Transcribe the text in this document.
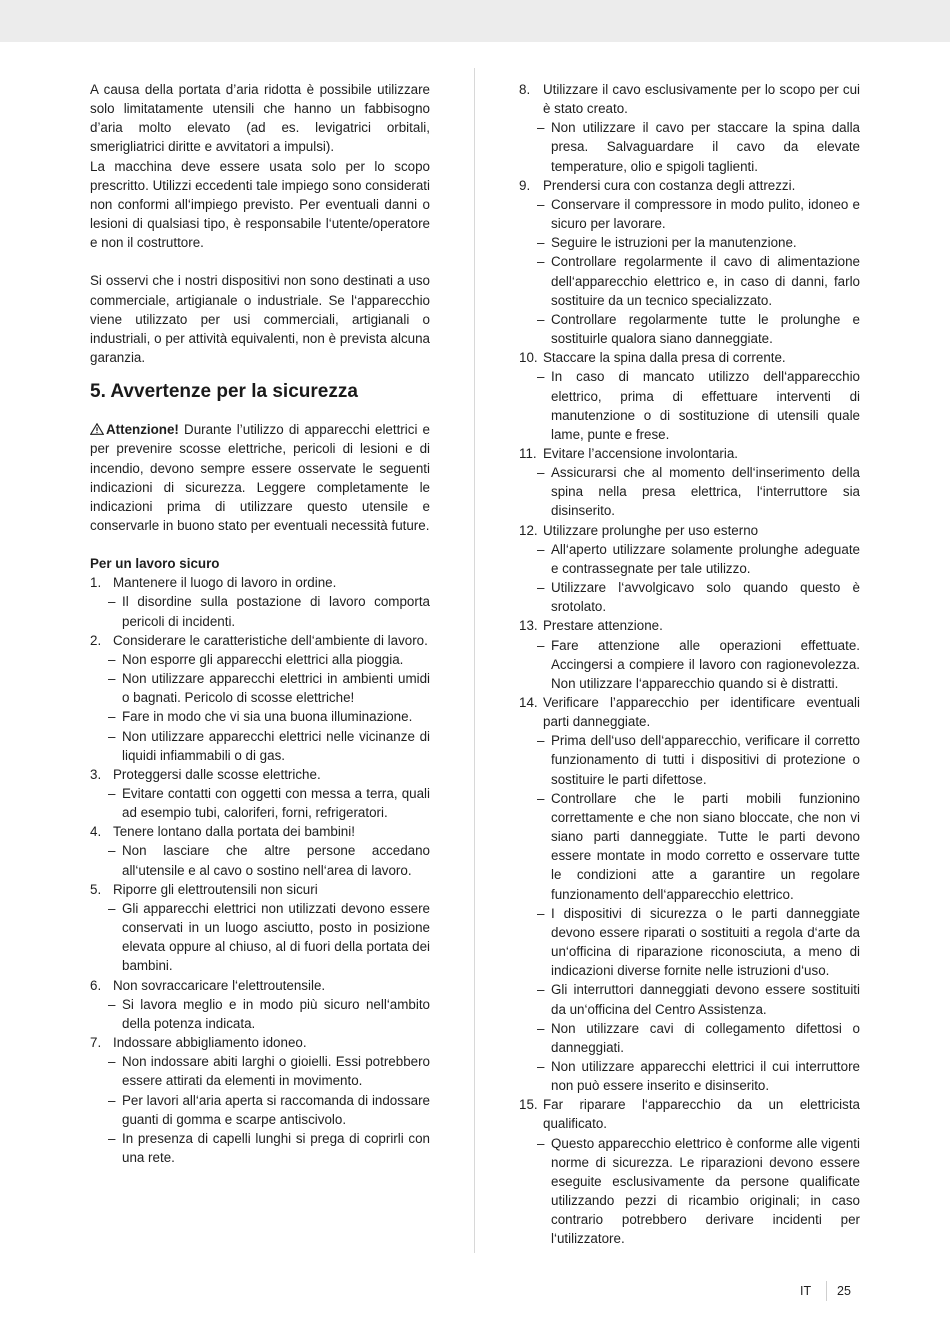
A causa della portata d’aria ridotta è possibile utilizzare solo limitatamente utensili che hanno un fabbisogno d’aria molto elevato (ad es. levigatrici orbitali, smerigliatrici diritte e avvitatori a impulsi).

La macchina deve essere usata solo per lo scopo prescritto. Utilizzi eccedenti tale impiego sono considerati non conformi all‘impiego previsto. Per eventuali danni o lesioni di qualsiasi tipo, è responsabile l‘utente/operatore e non il costruttore.

Si osservi che i nostri dispositivi non sono destinati a uso commerciale, artigianale o industriale. Se l‘apparecchio viene utilizzato per usi commerciali, artigianali o industriali, o per attività equivalenti, non è prevista alcuna garanzia.

5. Avvertenze per la sicurezza

Attenzione! Durante l’utilizzo di apparecchi elettrici e per prevenire scosse elettriche, pericoli di lesioni e di incendio, devono sempre essere osservate le seguenti indicazioni di sicurezza. Leggere completamente le indicazioni prima di utilizzare questo utensile e conservarle in buono stato per eventuali necessità future.

Per un lavoro sicuro

1. Mantenere il luogo di lavoro in ordine.
– Il disordine sulla postazione di lavoro comporta pericoli di incidenti.
2. Considerare le caratteristiche dell‘ambiente di lavoro.
– Non esporre gli apparecchi elettrici alla pioggia.
– Non utilizzare apparecchi elettrici in ambienti umidi o bagnati. Pericolo di scosse elettriche!
– Fare in modo che vi sia una buona illuminazione.
– Non utilizzare apparecchi elettrici nelle vicinanze di liquidi infiammabili o di gas.
3. Proteggersi dalle scosse elettriche.
– Evitare contatti con oggetti con messa a terra, quali ad esempio tubi, caloriferi, forni, refrigeratori.
4. Tenere lontano dalla portata dei bambini!
– Non lasciare che altre persone accedano all‘utensile e al cavo o sostino nell‘area di lavoro.
5. Riporre gli elettroutensili non sicuri
– Gli apparecchi elettrici non utilizzati devono essere conservati in un luogo asciutto, posto in posizione elevata oppure al chiuso, al di fuori della portata dei bambini.
6. Non sovraccaricare l‘elettroutensile.
– Si lavora meglio e in modo più sicuro nell‘ambito della potenza indicata.
7. Indossare abbigliamento idoneo.
– Non indossare abiti larghi o gioielli. Essi potrebbero essere attirati da elementi in movimento.
– Per lavori all‘aria aperta si raccomanda di indossare guanti di gomma e scarpe antiscivolo.
– In presenza di capelli lunghi si prega di coprirli con una rete.
8. Utilizzare il cavo esclusivamente per lo scopo per cui è stato creato.
– Non utilizzare il cavo per staccare la spina dalla presa. Salvaguardare il cavo da elevate temperature, olio e spigoli taglienti.
9. Prendersi cura con costanza degli attrezzi.
– Conservare il compressore in modo pulito, idoneo e sicuro per lavorare.
– Seguire le istruzioni per la manutenzione.
– Controllare regolarmente il cavo di alimentazione dell‘apparecchio elettrico e, in caso di danni, farlo sostituire da un tecnico specializzato.
– Controllare regolarmente tutte le prolunghe e sostituirle qualora siano danneggiate.
10. Staccare la spina dalla presa di corrente.
– In caso di mancato utilizzo dell‘apparecchio elettrico, prima di effettuare interventi di manutenzione o di sostituzione di utensili quale lame, punte e frese.
11. Evitare l’accensione involontaria.
– Assicurarsi che al momento dell‘inserimento della spina nella presa elettrica, l‘interruttore sia disinserito.
12. Utilizzare prolunghe per uso esterno
– All‘aperto utilizzare solamente prolunghe adeguate e contrassegnate per tale utilizzo.
– Utilizzare l‘avvolgicavo solo quando questo è srotolato.
13. Prestare attenzione.
– Fare attenzione alle operazioni effettuate. Accingersi a compiere il lavoro con ragionevolezza. Non utilizzare l‘apparecchio quando si è distratti.
14. Verificare l’apparecchio per identificare eventuali parti danneggiate.
– Prima dell‘uso dell‘apparecchio, verificare il corretto funzionamento di tutti i dispositivi di protezione o sostituire le parti difettose.
– Controllare che le parti mobili funzionino correttamente e che non siano bloccate, che non vi siano parti danneggiate. Tutte le parti devono essere montate in modo corretto e osservare tutte le condizioni atte a garantire un regolare funzionamento dell‘apparecchio elettrico.
– I dispositivi di sicurezza o le parti danneggiate devono essere riparati o sostituiti a regola d‘arte da un‘officina di riparazione riconosciuta, a meno di indicazioni diverse fornite nelle istruzioni d‘uso.
– Gli interruttori danneggiati devono essere sostituiti da un‘officina del Centro Assistenza.
– Non utilizzare cavi di collegamento difettosi o danneggiati.
– Non utilizzare apparecchi elettrici il cui interruttore non può essere inserito e disinserito.
15. Far riparare l‘apparecchio da un elettricista qualificato.
– Questo apparecchio elettrico è conforme alle vigenti norme di sicurezza. Le riparazioni devono essere eseguite esclusivamente da persone qualificate utilizzando pezzi di ricambio originali; in caso contrario potrebbero derivare incidenti per l‘utilizzatore.
IT 25
